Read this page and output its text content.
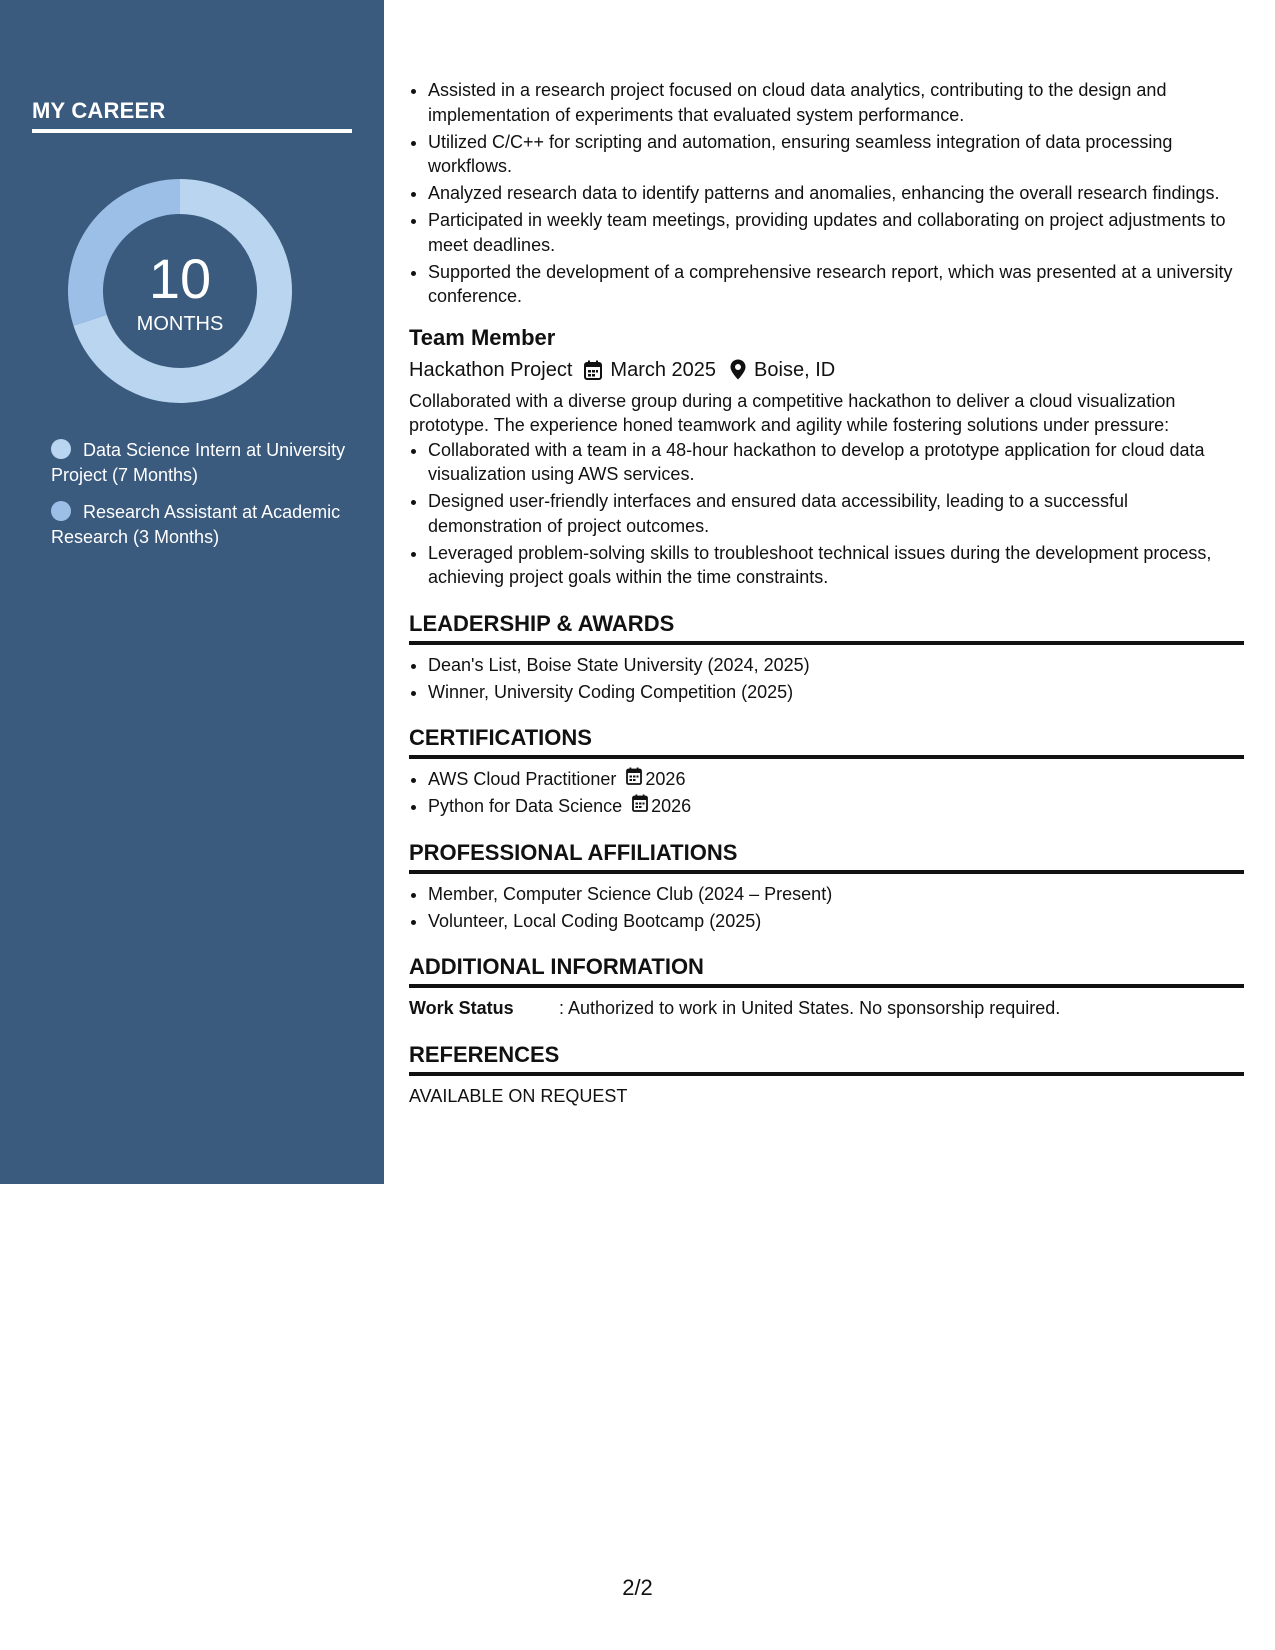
MY CAREER
10
MONTHS
Data Science Intern at University Project (7 Months)
Research Assistant at Academic Research (3 Months)
• Assisted in a research project focused on cloud data analytics, contributing to the design and implementation of experiments that evaluated system performance.
• Utilized C/C++ for scripting and automation, ensuring seamless integration of data processing workflows.
• Analyzed research data to identify patterns and anomalies, enhancing the overall research findings.
• Participated in weekly team meetings, providing updates and collaborating on project adjustments to meet deadlines.
• Supported the development of a comprehensive research report, which was presented at a university conference.
Team Member
Hackathon Project March 2025 Boise, ID

Collaborated with a diverse group during a competitive hackathon to deliver a cloud visualization prototype. The experience honed teamwork and agility while fostering solutions under pressure:

• Collaborated with a team in a 48-hour hackathon to develop a prototype application for cloud data visualization using AWS services.
• Designed user-friendly interfaces and ensured data accessibility, leading to a successful demonstration of project outcomes.
• Leveraged problem-solving skills to troubleshoot technical issues during the development process, achieving project goals within the time constraints.
LEADERSHIP & AWARDS
• Dean's List, Boise State University (2024, 2025)
• Winner, University Coding Competition (2025)
CERTIFICATIONS
• AWS Cloud Practitioner 2026
• Python for Data Science 2026
PROFESSIONAL AFFILIATIONS
• Member, Computer Science Club (2024 – Present)
• Volunteer, Local Coding Bootcamp (2025)
ADDITIONAL INFORMATION
Work Status	: Authorized to work in United States. No sponsorship required.
REFERENCES
AVAILABLE ON REQUEST
2/2
